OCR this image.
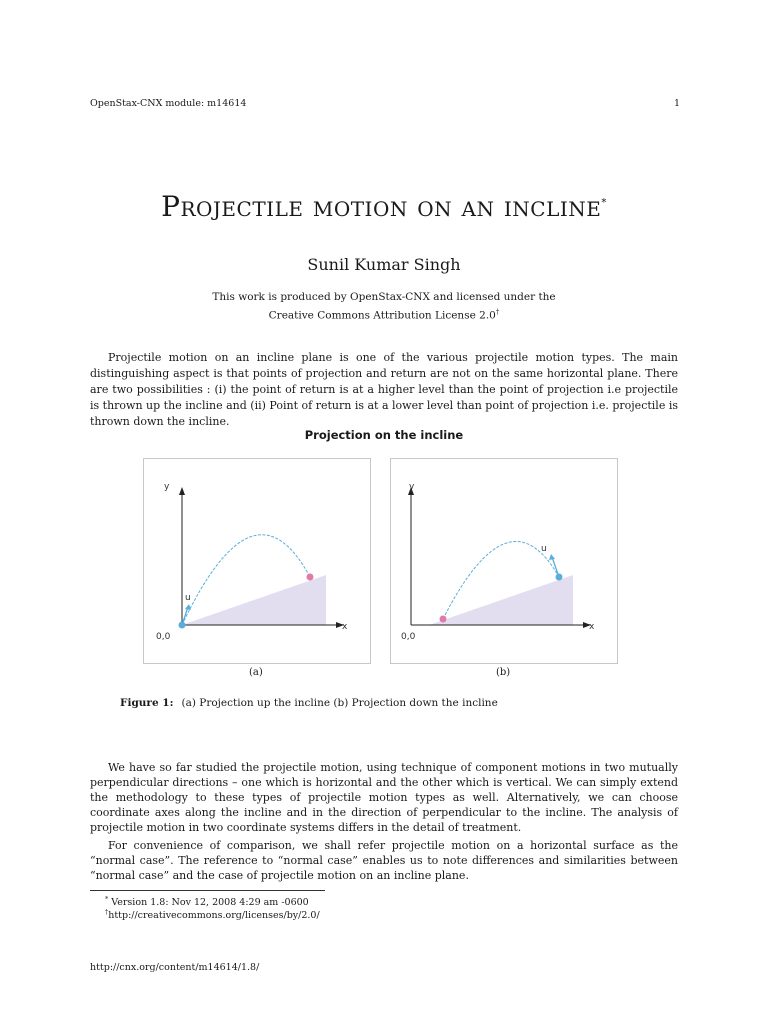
OpenStax-CNX module: m14614	1
Projectile motion on an incline*
Sunil Kumar Singh
This work is produced by OpenStax-CNX and licensed under the
Creative Commons Attribution License 2.0†
Projectile motion on an incline plane is one of the various projectile motion types. The main distinguishing aspect is that points of projection and return are not on the same horizontal plane. There are two possibilities : (i) the point of return is at a higher level than the point of projection i.e projectile is thrown up the incline and (ii) Point of return is at a lower level than point of projection i.e. projectile is thrown down the incline.
Projection on the incline
y
x
0,0
u
y
x
0,0
u
(a)	(b)
Figure 1: (a) Projection up the incline (b) Projection down the incline
We have so far studied the projectile motion, using technique of component motions in two mutually perpendicular directions – one which is horizontal and the other which is vertical. We can simply extend the methodology to these types of projectile motion types as well. Alternatively, we can choose coordinate axes along the incline and in the direction of perpendicular to the incline. The analysis of projectile motion in two coordinate systems differs in the detail of treatment.
For convenience of comparison, we shall refer projectile motion on a horizontal surface as the “normal case”. The reference to “normal case” enables us to note differences and similarities between “normal case” and the case of projectile motion on an incline plane.
* Version 1.8: Nov 12, 2008 4:29 am -0600
†http://creativecommons.org/licenses/by/2.0/
http://cnx.org/content/m14614/1.8/
